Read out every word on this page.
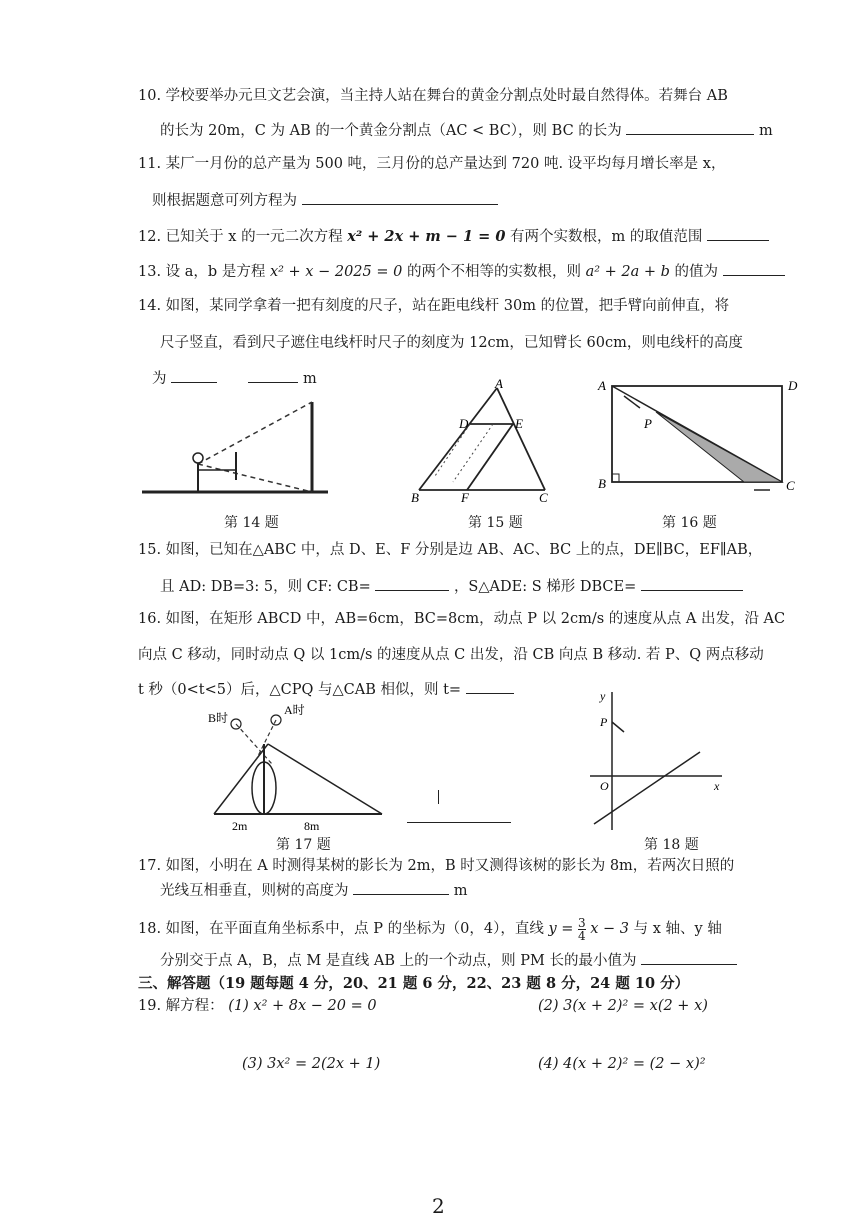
10. 学校要举办元旦文艺会演，当主持人站在舞台的黄金分割点处时最自然得体。若舞台 AB
的长为 20m，C 为 AB 的一个黄金分割点（AC < BC），则 BC 的长为	m
11. 某厂一月份的总产量为 500 吨，三月份的总产量达到 720 吨. 设平均每月增长率是 x，
则根据题意可列方程为
12. 已知关于 x 的一元二次方程 x² + 2x + m − 1 = 0 有两个实数根，m 的取值范围
13. 设 a，b 是方程 x² + x − 2025 = 0 的两个不相等的实数根，则 a² + 2a + b 的值为
14. 如图，某同学拿着一把有刻度的尺子，站在距电线杆 30m 的位置，把手臂向前伸直，将
尺子竖直，看到尺子遮住电线杆时尺子的刻度为 12cm，已知臂长 60cm，则电线杆的高度
为	m
第 14 题
A
D	E
B	F	C
第 15 题
A	D
P
B	C
第 16 题
15. 如图，已知在△ABC 中，点 D、E、F 分别是边 AB、AC、BC 上的点，DE∥BC，EF∥AB，
且 AD: DB=3: 5，则 CF: CB=	，S△ADE: S 梯形 DBCE=
16. 如图，在矩形 ABCD 中，AB=6cm，BC=8cm，动点 P 以 2cm/s 的速度从点 A 出发，沿 AC
向点 C 移动，同时动点 Q 以 1cm/s 的速度从点 C 出发，沿 CB 向点 B 移动. 若 P、Q 两点移动
t 秒（0<t<5）后，△CPQ 与△CAB 相似，则 t=
B时
A时
2m	8m
第 17 题
y
P
O	x
第 18 题
17. 如图，小明在 A 时测得某树的影长为 2m，B 时又测得该树的影长为 8m，若两次日照的
光线互相垂直，则树的高度为	m
18. 如图，在平面直角坐标系中，点 P 的坐标为（0，4），直线 $y = \frac{3}{4}$ x − 3 与 x 轴、y 轴
分别交于点 A，B，点 M 是直线 AB 上的一个动点，则 PM 长的最小值为
三、解答题（19 题每题 4 分，20、21 题 6 分，22、23 题 8 分，24 题 10 分）
19. 解方程： (1) x² + 8x − 20 = 0	(2) 3(x + 2)² = x(2 + x)
(3) 3x² = 2(2x + 1)	(4) 4(x + 2)² = (2 − x)²
2
